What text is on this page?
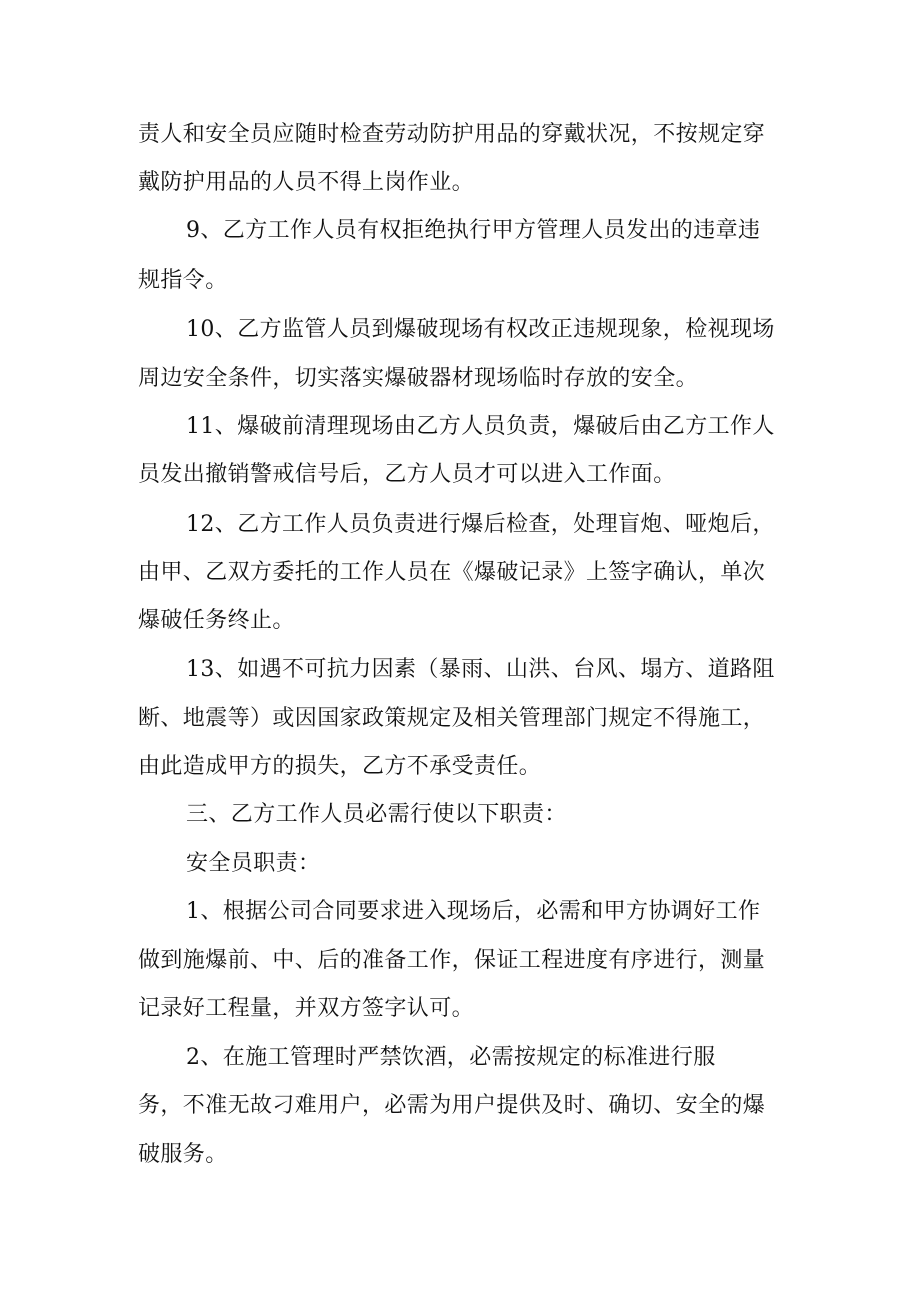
责人和安全员应随时检查劳动防护用品的穿戴状况，不按规定穿
戴防护用品的人员不得上岗作业。
9、乙方工作人员有权拒绝执行甲方管理人员发出的违章违
规指令。
10、乙方监管人员到爆破现场有权改正违规现象，检视现场
周边安全条件，切实落实爆破器材现场临时存放的安全。
11、爆破前清理现场由乙方人员负责，爆破后由乙方工作人
员发出撤销警戒信号后，乙方人员才可以进入工作面。
12、乙方工作人员负责进行爆后检查，处理盲炮、哑炮后，
由甲、乙双方委托的工作人员在《爆破记录》上签字确认，单次
爆破任务终止。
13、如遇不可抗力因素（暴雨、山洪、台风、塌方、道路阻
断、地震等）或因国家政策规定及相关管理部门规定不得施工，
由此造成甲方的损失，乙方不承受责任。
三、乙方工作人员必需行使以下职责：
安全员职责：
1、根据公司合同要求进入现场后，必需和甲方协调好工作
做到施爆前、中、后的准备工作，保证工程进度有序进行，测量
记录好工程量，并双方签字认可。
2、在施工管理时严禁饮酒，必需按规定的标准进行服
务，不准无故刁难用户，必需为用户提供及时、确切、安全的爆
破服务。
